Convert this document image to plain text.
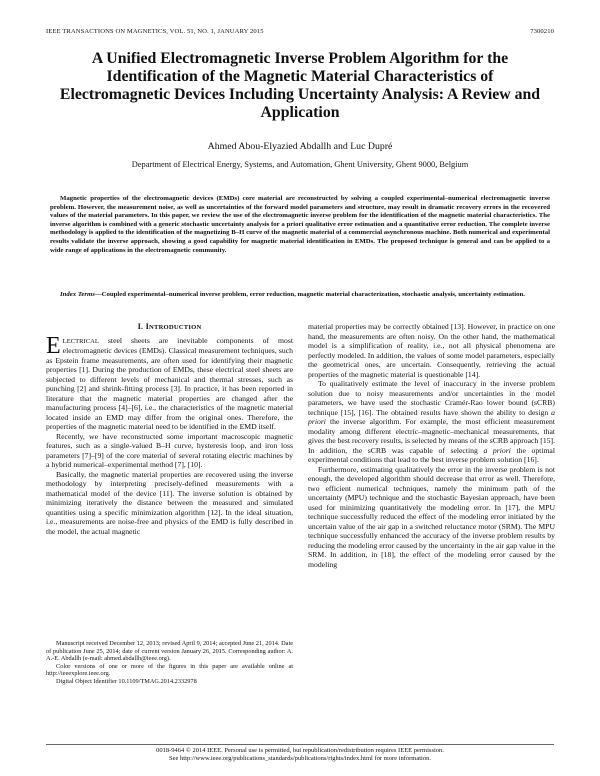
IEEE TRANSACTIONS ON MAGNETICS, VOL. 51, NO. 1, JANUARY 2015	7300210
A Unified Electromagnetic Inverse Problem Algorithm for the Identification of the Magnetic Material Characteristics of Electromagnetic Devices Including Uncertainty Analysis: A Review and Application
Ahmed Abou-Elyazied Abdallh and Luc Dupré
Department of Electrical Energy, Systems, and Automation, Ghent University, Ghent 9000, Belgium

Magnetic properties of the electromagnetic devices (EMDs) core material are reconstructed by solving a coupled experimental–numerical electromagnetic inverse problem. However, the measurement noise, as well as uncertainties of the forward model parameters and structure, may result in dramatic recovery errors in the recovered values of the material parameters. In this paper, we review the use of the electromagnetic inverse problem for the identification of the magnetic material characteristics. The inverse algorithm is combined with a generic stochastic uncertainty analysis for a priori qualitative error estimation and a quantitative error reduction. The complete inverse methodology is applied to the identification of the magnetizing B–H curve of the magnetic material of a commercial asynchronous machine. Both numerical and experimental results validate the inverse approach, showing a good capability for magnetic material identification in EMDs. The proposed technique is general and can be applied to a wide range of applications in the electromagnetic community.

Index Terms—Coupled experimental–numerical inverse problem, error reduction, magnetic material characterization, stochastic analysis, uncertainty estimation.

I. INTRODUCTION

ELECTRICAL steel sheets are inevitable components of most electromagnetic devices (EMDs). Classical measurement techniques, such as Epstein frame measurements, are often used for identifying their magnetic properties [1]. During the production of EMDs, these electrical steel sheets are subjected to different levels of mechanical and thermal stresses, such as punching [2] and shrink-fitting process [3]. In practice, it has been reported in literature that the magnetic material properties are changed after the manufacturing process [4]–[6], i.e., the characteristics of the magnetic material located inside an EMD may differ from the original ones. Therefore, the properties of the magnetic material need to be identified in the EMD itself.

Recently, we have reconstructed some important macroscopic magnetic features, such as a single-valued B–H curve, hysteresis loop, and iron loss parameters [7]–[9] of the core material of several rotating electric machines by a hybrid numerical–experimental method [7], [10].

Basically, the magnetic material properties are recovered using the inverse methodology by interpreting precisely-defined measurements with a mathematical model of the device [11]. The inverse solution is obtained by minimizing iteratively the distance between the measured and simulated quantities using a specific minimization algorithm [12]. In the ideal situation, i.e., measurements are noise-free and physics of the EMD is fully described in the model, the actual magnetic

material properties may be correctly obtained [13]. However, in practice on one hand, the measurements are often noisy. On the other hand, the mathematical model is a simplification of reality, i.e., not all physical phenomena are perfectly modeled. In addition, the values of some model parameters, especially the geometrical ones, are uncertain. Consequently, retrieving the actual properties of the magnetic material is questionable [14].

To qualitatively estimate the level of inaccuracy in the inverse problem solution due to noisy measurements and/or uncertainties in the model parameters, we have used the stochastic Cramér-Rao lower bound (sCRB) technique [15], [16]. The obtained results have shown the ability to design a priori the inverse algorithm. For example, the most efficient measurement modality among different electric–magnetic–mechanical measurements, that gives the best recovery results, is selected by means of the sCRB approach [15]. In addition, the sCRB was capable of selecting a priori the optimal experimental conditions that lead to the best inverse problem solution [16].

Furthermore, estimating qualitatively the error in the inverse problem is not enough, the developed algorithm should decrease that error as well. Therefore, two efficient numerical techniques, namely the minimum path of the uncertainty (MPU) technique and the stochastic Bayesian approach, have been used for minimizing quantitatively the modeling error. In [17], the MPU technique successfully reduced the effect of the modeling error initiated by the uncertain value of the air gap in a switched reluctance motor (SRM). The MPU technique successfully enhanced the accuracy of the inverse problem results by reducing the modeling error caused by the uncertainty in the air gap value in the SRM. In addition, in [18], the effect of the modeling error caused by the modeling

Manuscript received December 12, 2013; revised April 9, 2014; accepted June 21, 2014. Date of publication June 25, 2014; date of current version January 26, 2015. Corresponding author: A. A.-E. Abdallh (e-mail: ahmed.abdallh@ieee.org).

Color versions of one or more of the figures in this paper are available online at http://ieeexplore.ieee.org.

Digital Object Identifier 10.1109/TMAG.2014.2332978

0018-9464 © 2014 IEEE. Personal use is permitted, but republication/redistribution requires IEEE permission.

See http://www.ieee.org/publications_standards/publications/rights/index.html for more information.
